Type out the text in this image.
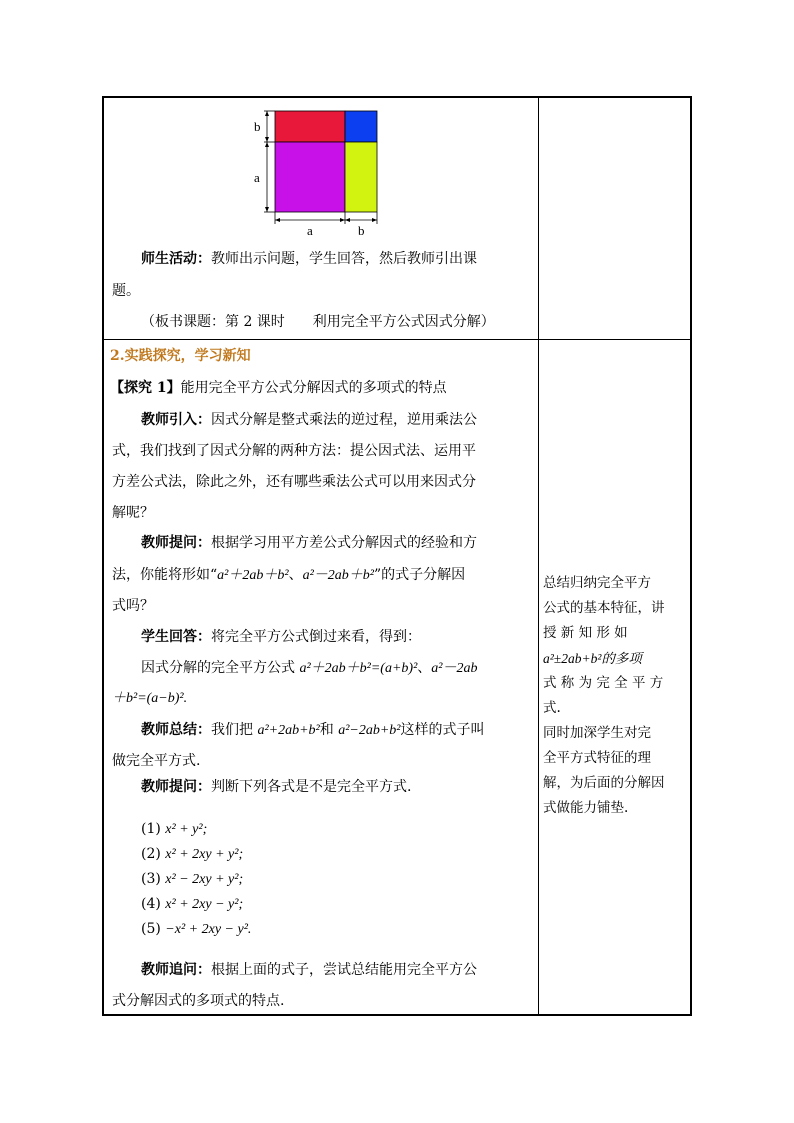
b
a
a	b
师生活动：教师出示问题，学生回答，然后教师引出课
题。
（板书课题：第 2 课时　　利用完全平方公式因式分解）
2.实践探究，学习新知
【探究 1】能用完全平方公式分解因式的多项式的特点
教师引入：因式分解是整式乘法的逆过程，逆用乘法公
式，我们找到了因式分解的两种方法：提公因式法、运用平
方差公式法，除此之外，还有哪些乘法公式可以用来因式分
解呢？
教师提问：根据学习用平方差公式分解因式的经验和方
法，你能将形如“a²＋2ab＋b²、a²－2ab＋b²”的式子分解因
式吗？
学生回答：将完全平方公式倒过来看，得到：
因式分解的完全平方公式 a²＋2ab＋b²=(a+b)²、a²－2ab
＋b²=(a−b)².
教师总结：我们把 a²+2ab+b²和 a²−2ab+b²这样的式子叫
做完全平方式.
教师提问：判断下列各式是不是完全平方式.
(1) x² + y²;
(2) x² + 2xy + y²;
(3) x² − 2xy + y²;
(4) x² + 2xy − y²;
(5) −x² + 2xy − y².
教师追问：根据上面的式子，尝试总结能用完全平方公
式分解因式的多项式的特点.
总结归纳完全平方
公式的基本特征，讲
授 新 知 形 如
a²±2ab+b²的多项
式 称 为 完 全 平 方
式.
同时加深学生对完
全平方式特征的理
解，为后面的分解因
式做能力铺垫.
